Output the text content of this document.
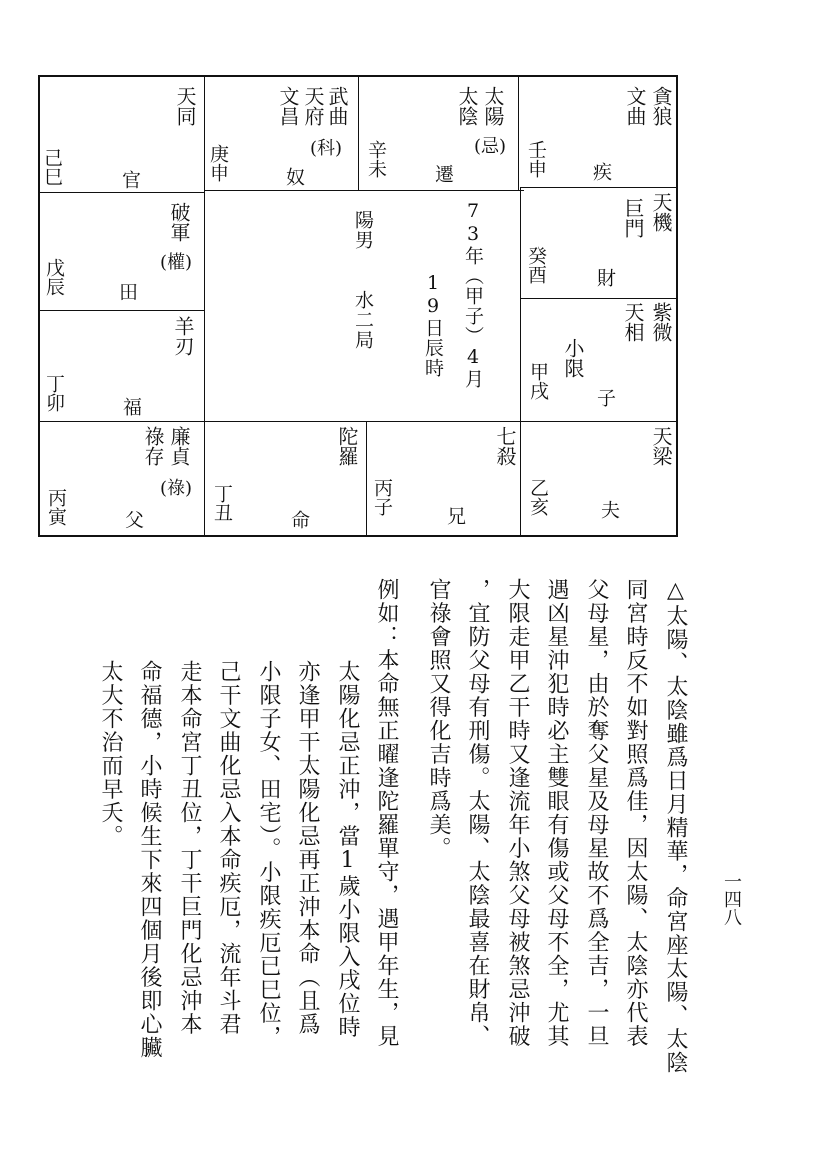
天同
己巳	官
武曲
天府
文昌
(科)
庚申	奴
太陽
太陰
(忌)
辛未 遷
貪狼
文曲
壬申 疾
破軍
(權)
戊辰	田
天機
巨門
癸酉 財
羊刃
丁卯	福
紫微
天相
小限
甲戌 子
廉貞
祿存
(祿)
丙寅	父
陀羅
丁丑	命
七殺
丙子	兄
天梁
乙亥	夫
73年（甲子）4月
19日辰時
陽男
水二局
一四八
△太陽、太陰雖爲日月精華，命宮座太陽、太陰
同宮時反不如對照爲佳，因太陽、太陰亦代表
父母星，由於奪父星及母星故不爲全吉，一旦
遇凶星沖犯時必主雙眼有傷或父母不全，尤其
大限走甲乙干時又逢流年小煞父母被煞忌沖破
，宜防父母有刑傷。太陽、太陰最喜在財帛、
官祿會照又得化吉時爲美。
例如：本命無正曜逢陀羅單守，遇甲年生，見
太陽化忌正沖，當1歲小限入戌位時
亦逢甲干太陽化忌再正沖本命（且爲
小限子女、田宅）。小限疾厄已巳位，
己干文曲化忌入本命疾厄，流年斗君
走本命宮丁丑位，丁干巨門化忌沖本
命福德，小時候生下來四個月後即心臟
太大不治而早夭。
